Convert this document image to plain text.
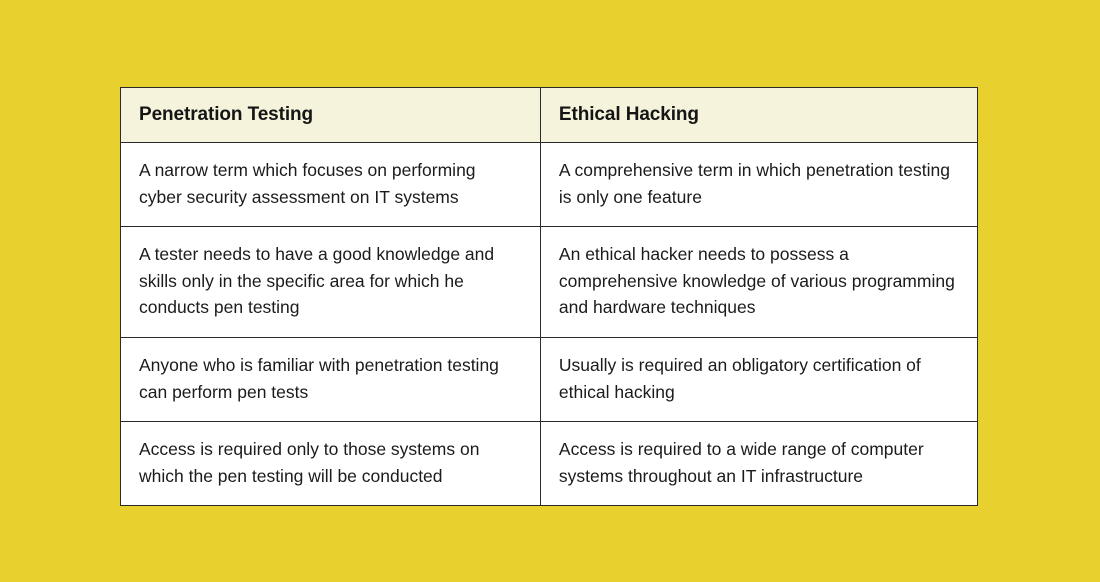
Penetration Testing	Ethical Hacking
A narrow term which focuses on performing cyber security assessment on IT systems	A comprehensive term in which penetration testing is only one feature
A tester needs to have a good knowledge and skills only in the specific area for which he conducts pen testing	An ethical hacker needs to possess a comprehensive knowledge of various programming and hardware techniques
Anyone who is familiar with penetration testing can perform pen tests	Usually is required an obligatory certification of ethical hacking
Access is required only to those systems on which the pen testing will be conducted	Access is required to a wide range of computer systems throughout an IT infrastructure
